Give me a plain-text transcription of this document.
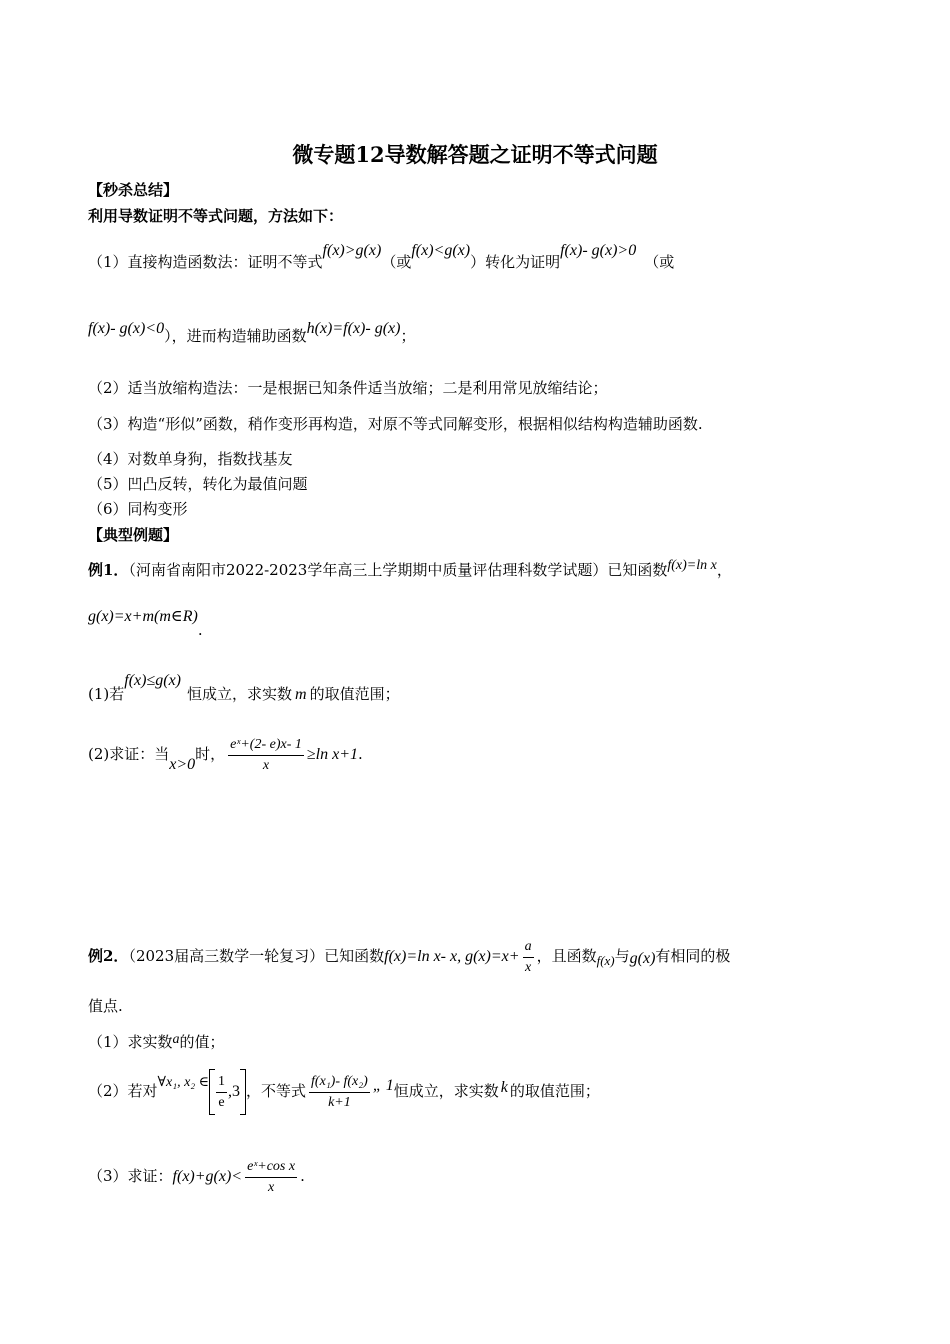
微专题12导数解答题之证明不等式问题
【秒杀总结】
利用导数证明不等式问题，方法如下：
（1）直接构造函数法：证明不等式f(x)>g(x)（或f(x)<g(x)）转化为证明f(x)- g(x)>0（或
f(x)- g(x)<0），进而构造辅助函数h(x)=f(x)- g(x)；
（2）适当放缩构造法：一是根据已知条件适当放缩；二是利用常见放缩结论；
（3）构造“形似”函数，稍作变形再构造，对原不等式同解变形，根据相似结构构造辅助函数.
（4）对数单身狗，指数找基友
（5）凹凸反转，转化为最值问题
（6）同构变形
【典型例题】
例1．（河南省南阳市2022-2023学年高三上学期期中质量评估理科数学试题）已知函数f(x)=ln x，
g(x)=x+m(m∈R).
(1)若f(x)≤g(x)恒成立，求实数 m 的取值范围；
(2)求证：当x>0时， $\frac{\text{eˣ+(2- e)x- 1}}{x} \ge\ln$ x+1.
例2．（2023届高三数学一轮复习）已知函数f(x)=ln x- x, $g(x)=x+ \frac{a}{x}$ ，且函数f(x)与g(x)有相同的极
值点.
（1）求实数a的值；
（2）若对∀x₁, x₂ ∈ $\frac{1}{e} ,3$ ，不等式 $\frac{\text{f(x₁)- f(x₂)}}{k+1}$ „ 1恒成立，求实数 k 的取值范围；
（3）求证：$f(x)+g(x)< \frac{\text{eˣ+cos x}}{x}$ .
